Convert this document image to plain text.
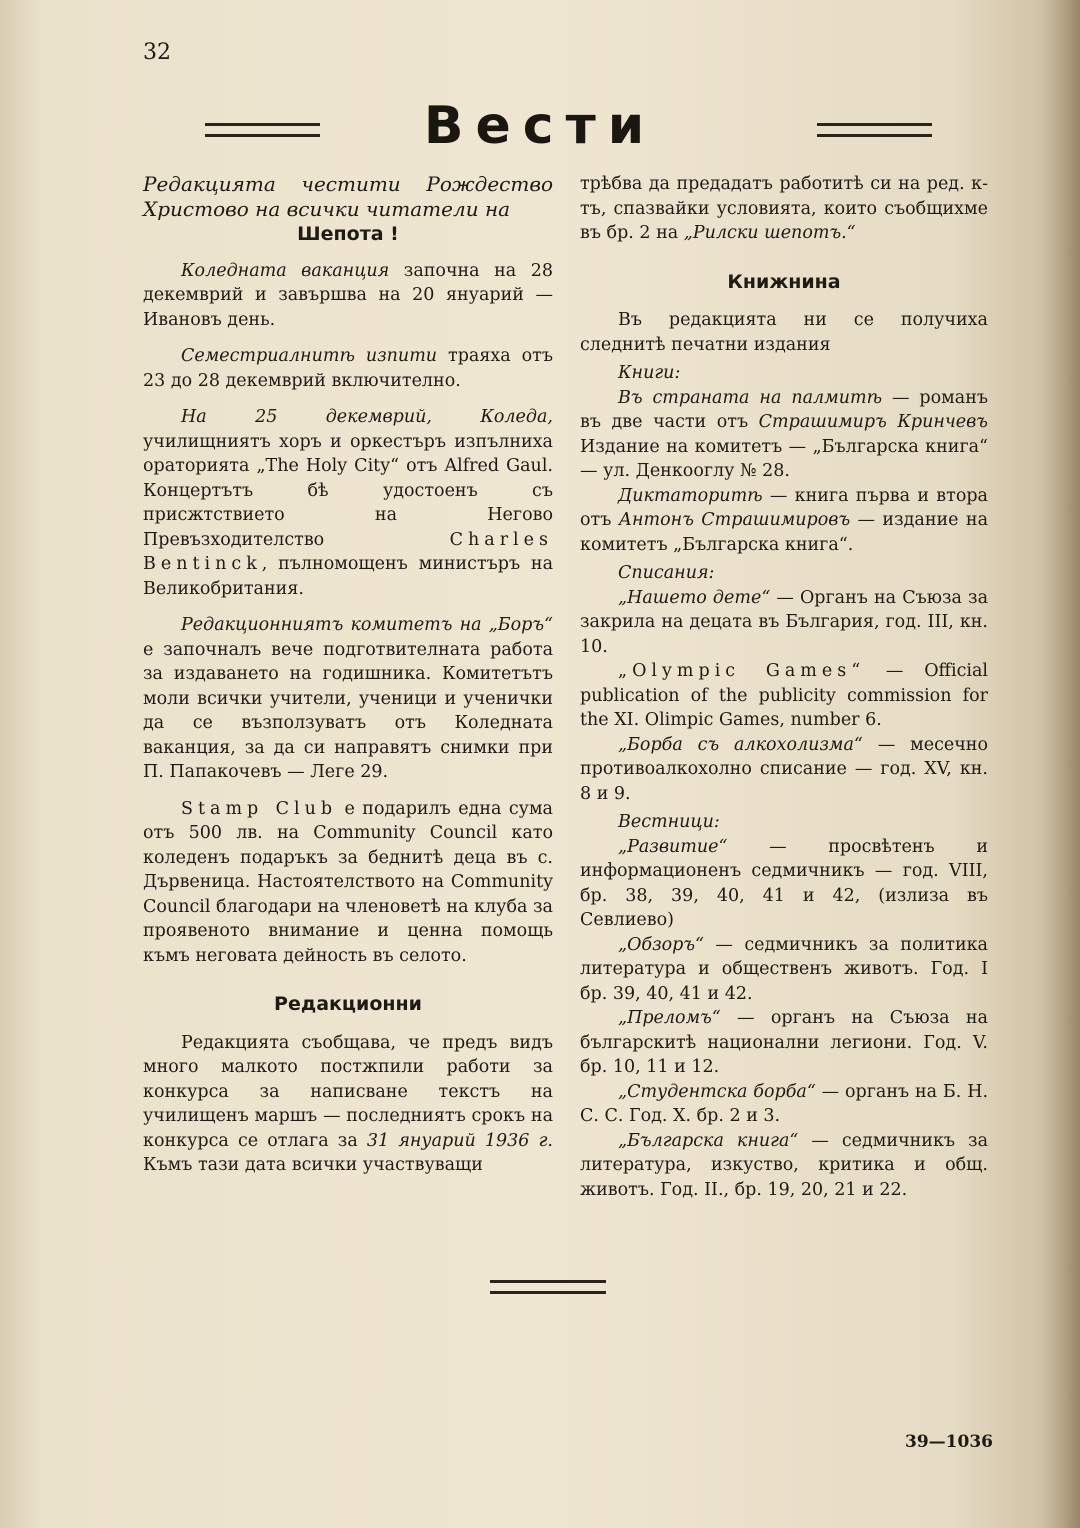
32
Вести

Редакцията честити Рождество Христово на всички читатели на

Шепота !

Коледната ваканция започна на 28 декемврий и завършва на 20 януарий — Ивановъ день.

Семестриалнитѣ изпити траяха отъ 23 до 28 декемврий включително.

На 25 декемврий, Коледа, училищниятъ хоръ и оркестъръ изпълниха ораторията „The Holy City“ отъ Alfred Gaul. Концертътъ бѣ удостоенъ съ присжтствието на Негово Превъзходителство Charles Bentinck, пълномощенъ министъръ на Великобритания.

Редакционниятъ комитетъ на „Боръ“ е започналъ вече подготвителната работа за издаването на годишника. Комитетътъ моли всички учители, ученици и ученички да се възползуватъ отъ Коледната ваканция, за да си направятъ снимки при П. Папакочевъ — Леге 29.

Stamp Club е подарилъ една сума отъ 500 лв. на Community Council като коледенъ подаръкъ за беднитѣ деца въ с. Дървеница. Настоятелството на Community Council благодари на членоветѣ на клуба за проявеното внимание и ценна помощь къмъ неговата дейность въ селото.

Редакционни

Редакцията съобщава, че предъ видъ много малкото постжпили работи за конкурса за написване текстъ на училищенъ маршъ — последниятъ срокъ на конкурса се отлага за 31 януарий 1936 г. Къмъ тази дата всички участвуващи

трѣбва да предадатъ работитѣ си на ред. к-тъ, спазвайки условията, които съобщихме въ бр. 2 на „Рилски шепотъ.“

Книжнина

Въ редакцията ни се получиха следнитѣ печатни издания

Книги:

Въ страната на палмитѣ — романъ въ две части отъ Страшимиръ Кринчевъ Издание на комитетъ — „Българска книга“ — ул. Денкооглу № 28.

Диктаторитѣ — книга първа и втора отъ Антонъ Страшимировъ — издание на комитетъ „Българска книга“.

Списания:

„Нашето дете“ — Органъ на Съюза за закрила на децата въ България, год. III, кн. 10.

„Olympic Games“ — Official publication of the publicity commission for the XI. Olimpic Games, number 6.

„Борба съ алкохолизма“ — месечно противоалкохолно списание — год. XV, кн. 8 и 9.

Вестници:

„Развитие“ — просвѣтенъ и информационенъ седмичникъ — год. VIII, бр. 38, 39, 40, 41 и 42, (излиза въ Севлиево)

„Обзоръ“ — седмичникъ за политика литература и общественъ животъ. Год. I бр. 39, 40, 41 и 42.

„Преломъ“ — органъ на Съюза на българскитѣ национални легиони. Год. V. бр. 10, 11 и 12.

„Студентска борба“ — органъ на Б. Н. С. С. Год. X. бр. 2 и 3.

„Българска книга“ — седмичникъ за литература, изкуство, критика и общ. животъ. Год. II., бр. 19, 20, 21 и 22.

39—1036
